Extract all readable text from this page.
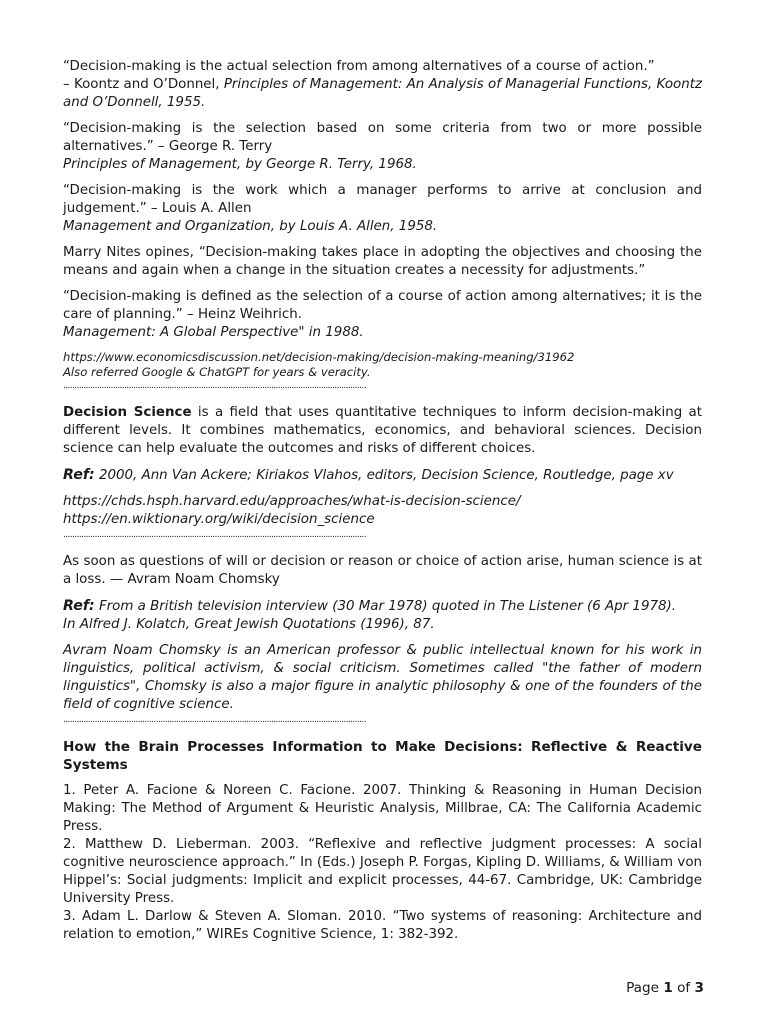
“Decision-making is the actual selection from among alternatives of a course of action.”
– Koontz and O’Donnel, Principles of Management: An Analysis of Managerial Functions, Koontz and O’Donnell, 1955.

“Decision-making is the selection based on some criteria from two or more possible alternatives.” – George R. Terry
Principles of Management, by George R. Terry, 1968.

“Decision-making is the work which a manager performs to arrive at conclusion and judgement.” – Louis A. Allen
Management and Organization, by Louis A. Allen, 1958.

Marry Nites opines, “Decision-making takes place in adopting the objectives and choosing the means and again when a change in the situation creates a necessity for adjustments.”

“Decision-making is defined as the selection of a course of action among alternatives; it is the care of planning.” – Heinz Weihrich.
Management: A Global Perspective" in 1988.

https://www.economicsdiscussion.net/decision-making/decision-making-meaning/31962
Also referred Google & ChatGPT for years & veracity.

......................................................................................................................................

Decision Science is a field that uses quantitative techniques to inform decision-making at different levels. It combines mathematics, economics, and behavioral sciences. Decision science can help evaluate the outcomes and risks of different choices.

Ref: 2000, Ann Van Ackere; Kiriakos Vlahos, editors, Decision Science, Routledge, page xv

https://chds.hsph.harvard.edu/approaches/what-is-decision-science/
https://en.wiktionary.org/wiki/decision_science

......................................................................................................................................

As soon as questions of will or decision or reason or choice of action arise, human science is at a loss. — Avram Noam Chomsky

Ref: From a British television interview (30 Mar 1978) quoted in The Listener (6 Apr 1978).
In Alfred J. Kolatch, Great Jewish Quotations (1996), 87.

Avram Noam Chomsky is an American professor & public intellectual known for his work in linguistics, political activism, & social criticism. Sometimes called "the father of modern linguistics", Chomsky is also a major figure in analytic philosophy & one of the founders of the field of cognitive science.

......................................................................................................................................

How the Brain Processes Information to Make Decisions: Reflective & Reactive Systems

1. Peter A. Facione & Noreen C. Facione. 2007. Thinking & Reasoning in Human Decision Making: The Method of Argument & Heuristic Analysis, Millbrae, CA: The California Academic Press.

2. Matthew D. Lieberman. 2003. “Reflexive and reflective judgment processes: A social cognitive neuroscience approach.” In (Eds.) Joseph P. Forgas, Kipling D. Williams, & William von Hippel’s: Social judgments: Implicit and explicit processes, 44-67. Cambridge, UK: Cambridge University Press.

3. Adam L. Darlow & Steven A. Sloman. 2010. “Two systems of reasoning: Architecture and relation to emotion,” WIREs Cognitive Science, 1: 382-392.

Page 1 of 3
